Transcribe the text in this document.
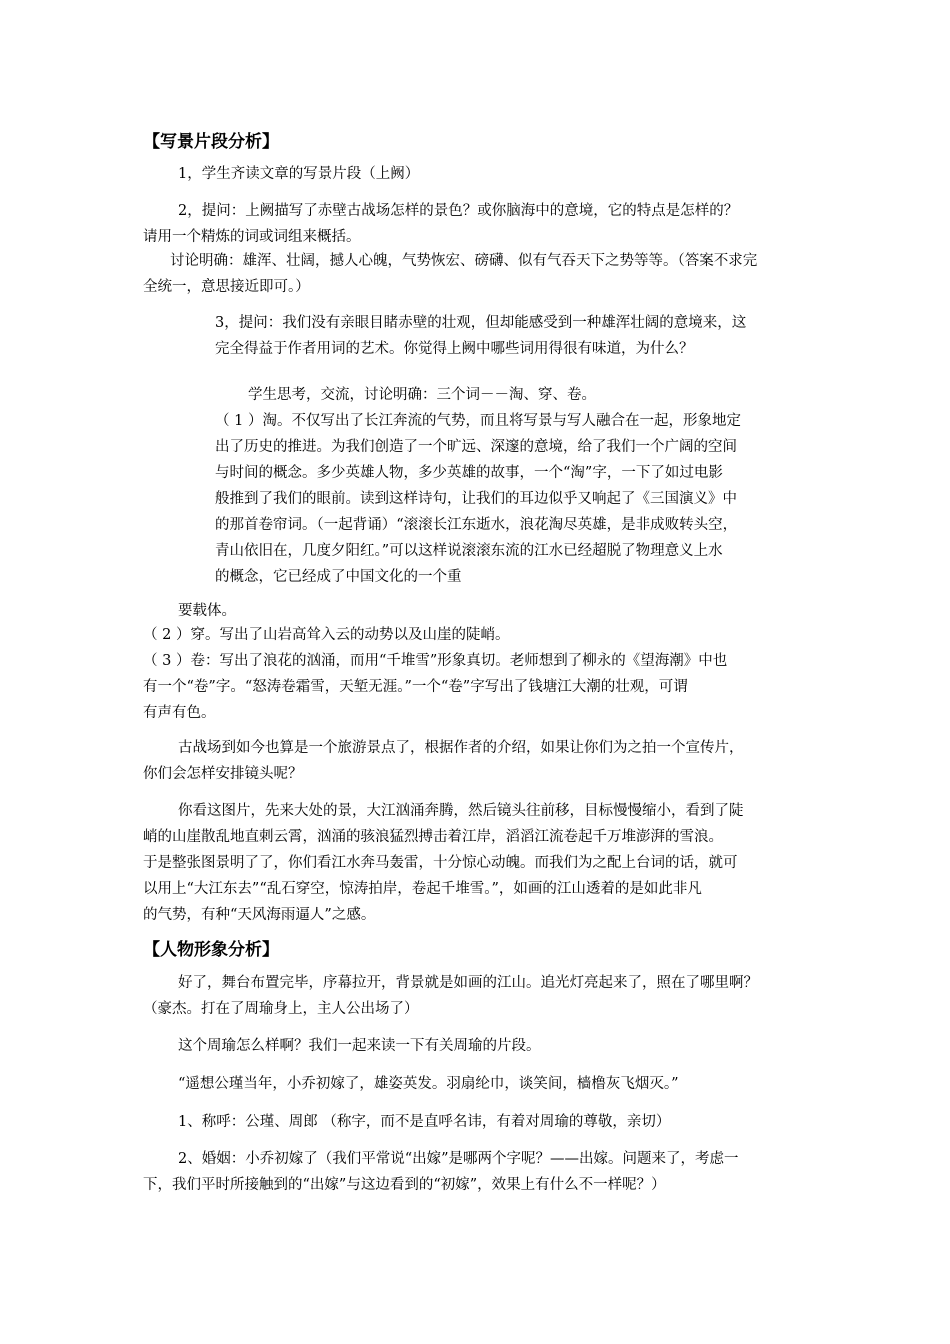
【写景片段分析】
1，学生齐读文章的写景片段（上阙）
2，提问：上阙描写了赤壁古战场怎样的景色？或你脑海中的意境，它的特点是怎样的？
请用一个精炼的词或词组来概括。
讨论明确：雄浑、壮阔，撼人心魄，气势恢宏、磅礴、似有气吞天下之势等等。（答案不求完
全统一，意思接近即可。）
3，提问：我们没有亲眼目睹赤壁的壮观，但却能感受到一种雄浑壮阔的意境来，这
完全得益于作者用词的艺术。你觉得上阙中哪些词用得很有味道，为什么？
学生思考，交流，讨论明确：三个词－－淘、穿、卷。
（ 1 ）淘。不仅写出了长江奔流的气势，而且将写景与写人融合在一起，形象地定
出了历史的推进。为我们创造了一个旷远、深邃的意境，给了我们一个广阔的空间
与时间的概念。多少英雄人物，多少英雄的故事，一个“淘”字，一下了如过电影
般推到了我们的眼前。读到这样诗句，让我们的耳边似乎又响起了《三国演义》中
的那首卷帘词。（一起背诵）“滚滚长江东逝水，浪花淘尽英雄，是非成败转头空，
青山依旧在，几度夕阳红。”可以这样说滚滚东流的江水已经超脱了物理意义上水
的概念，它已经成了中国文化的一个重
要载体。
（ 2 ）穿。写出了山岩高耸入云的动势以及山崖的陡峭。
（ 3 ）卷：写出了浪花的汹涌，而用“千堆雪”形象真切。老师想到了柳永的《望海潮》中也
有一个“卷”字。“怒涛卷霜雪，天堑无涯。”一个“卷”字写出了钱塘江大潮的壮观，可谓
有声有色。
古战场到如今也算是一个旅游景点了，根据作者的介绍，如果让你们为之拍一个宣传片，
你们会怎样安排镜头呢？
你看这图片，先来大处的景，大江汹涌奔腾，然后镜头往前移，目标慢慢缩小，看到了陡
峭的山崖散乱地直刺云霄，汹涌的骇浪猛烈搏击着江岸，滔滔江流卷起千万堆澎湃的雪浪。
于是整张图景明了了，你们看江水奔马轰雷，十分惊心动魄。而我们为之配上台词的话，就可
以用上“大江东去”“乱石穿空，惊涛拍岸，卷起千堆雪。”，如画的江山透着的是如此非凡
的气势，有种“天风海雨逼人”之感。
【人物形象分析】
好了，舞台布置完毕，序幕拉开，背景就是如画的江山。追光灯亮起来了，照在了哪里啊？
（豪杰。打在了周瑜身上，主人公出场了）
这个周瑜怎么样啊？我们一起来读一下有关周瑜的片段。
“遥想公瑾当年，小乔初嫁了，雄姿英发。羽扇纶巾，谈笑间，樯橹灰飞烟灭。”
1、称呼：公瑾、周郎 （称字，而不是直呼名讳，有着对周瑜的尊敬，亲切）
2、婚姻：小乔初嫁了（我们平常说“出嫁”是哪两个字呢？——出嫁。问题来了，考虑一
下，我们平时所接触到的“出嫁”与这边看到的“初嫁”，效果上有什么不一样呢？）
